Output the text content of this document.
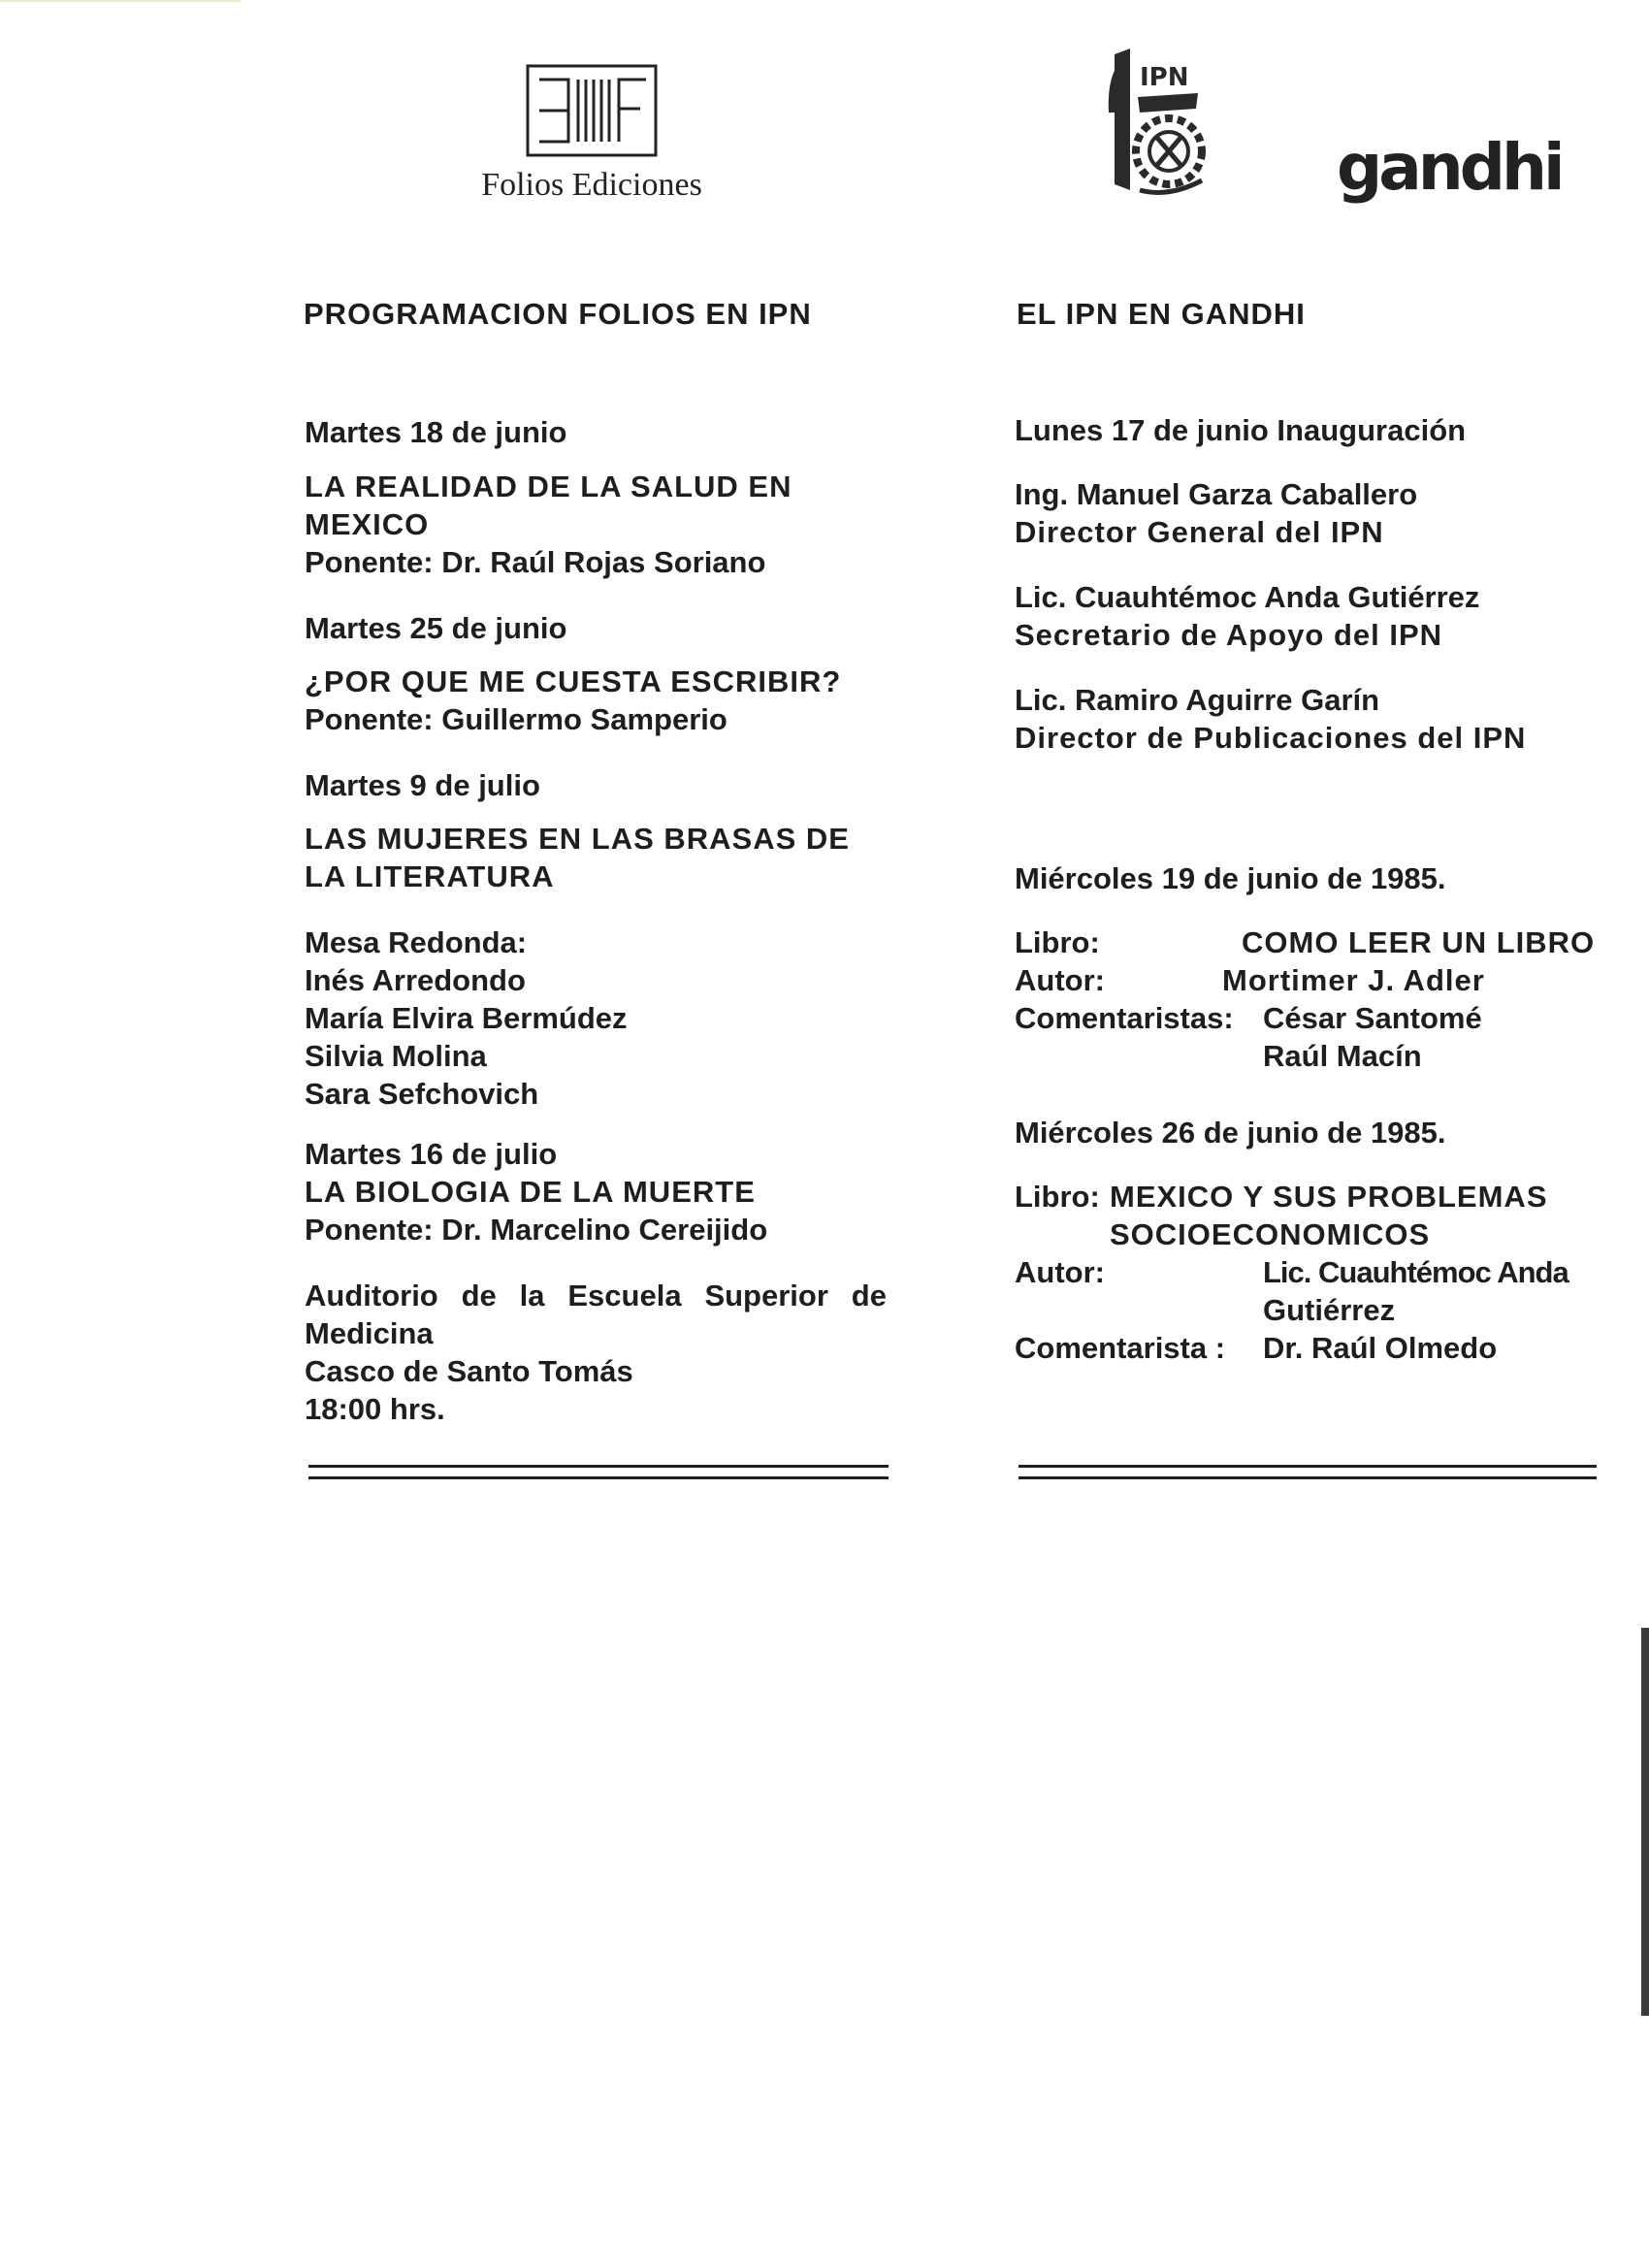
Folios Ediciones
IPN
gandhi
PROGRAMACION FOLIOS EN IPN	EL IPN EN GANDHI
Martes 18 de junio
LA REALIDAD DE LA SALUD EN
MEXICO
Ponente: Dr. Raúl Rojas Soriano
Martes 25 de junio
¿POR QUE ME CUESTA ESCRIBIR?
Ponente: Guillermo Samperio
Martes 9 de julio
LAS MUJERES EN LAS BRASAS DE
LA LITERATURA
Mesa Redonda:
Inés Arredondo
María Elvira Bermúdez
Silvia Molina
Sara Sefchovich
Martes 16 de julio
LA BIOLOGIA DE LA MUERTE
Ponente: Dr. Marcelino Cereijido
Auditorio de la Escuela Superior de
Medicina
Casco de Santo Tomás
18:00 hrs.
Lunes 17 de junio Inauguración
Ing. Manuel Garza Caballero
Director General del IPN
Lic. Cuauhtémoc Anda Gutiérrez
Secretario de Apoyo del IPN
Lic. Ramiro Aguirre Garín
Director de Publicaciones del IPN
Miércoles 19 de junio de 1985.
Libro:	COMO LEER UN LIBRO
Autor:	Mortimer J. Adler
Comentaristas: César Santomé
Raúl Macín
Miércoles 26 de junio de 1985.
Libro: MEXICO Y SUS PROBLEMAS
SOCIOECONOMICOS
Autor:	Lic. Cuauhtémoc Anda
Gutiérrez
Comentarista :	Dr. Raúl Olmedo
